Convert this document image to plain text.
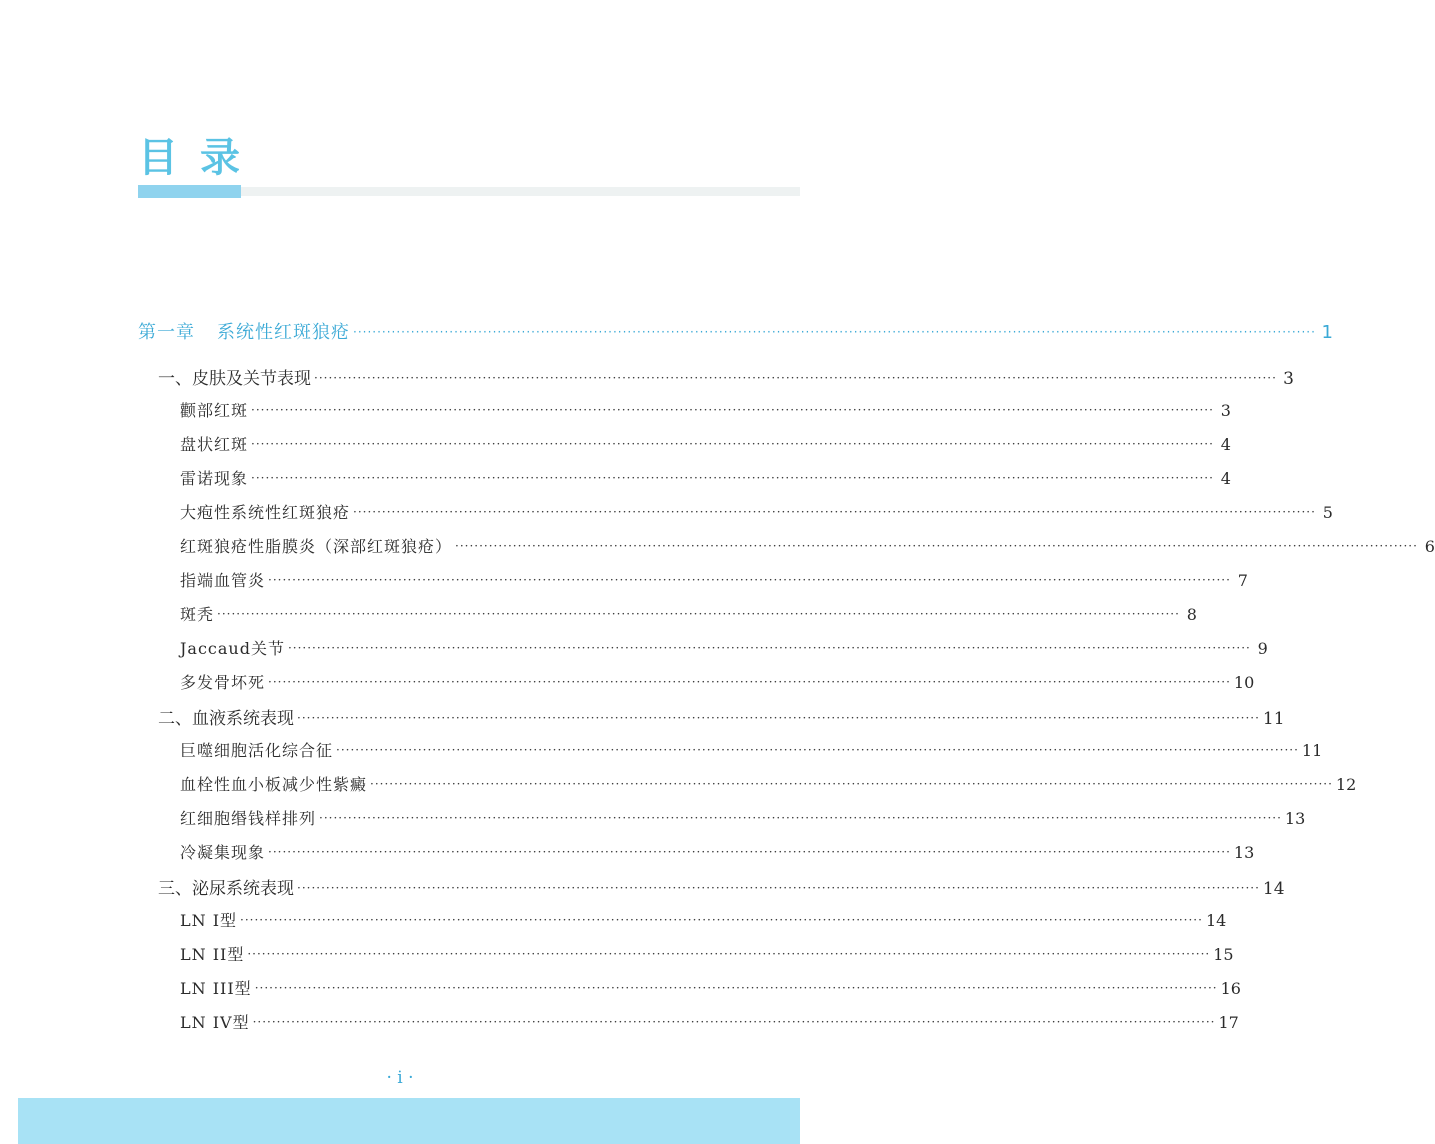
目录
第一章 系统性红斑狼疮 ········································································································································································································ 1
一、皮肤及关节表现 ········································································································································································································ 3
颧部红斑 ········································································································································································································ 3
盘状红斑 ········································································································································································································ 4
雷诺现象 ········································································································································································································ 4
大疱性系统性红斑狼疮 ········································································································································································································ 5
红斑狼疮性脂膜炎（深部红斑狼疮） ········································································································································································································ 6
指端血管炎 ········································································································································································································ 7
斑秃 ········································································································································································································ 8
Jaccaud关节 ········································································································································································································ 9
多发骨坏死 ········································································································································································································ 10
二、血液系统表现 ········································································································································································································ 11
巨噬细胞活化综合征 ········································································································································································································ 11
血栓性血小板减少性紫癜 ········································································································································································································ 12
红细胞缗钱样排列 ········································································································································································································ 13
冷凝集现象 ········································································································································································································ 13
三、泌尿系统表现 ········································································································································································································ 14
LN Ⅰ型 ········································································································································································································ 14
LN II型 ········································································································································································································ 15
LN III型 ········································································································································································································ 16
LN IV型 ········································································································································································································ 17
· i ·
